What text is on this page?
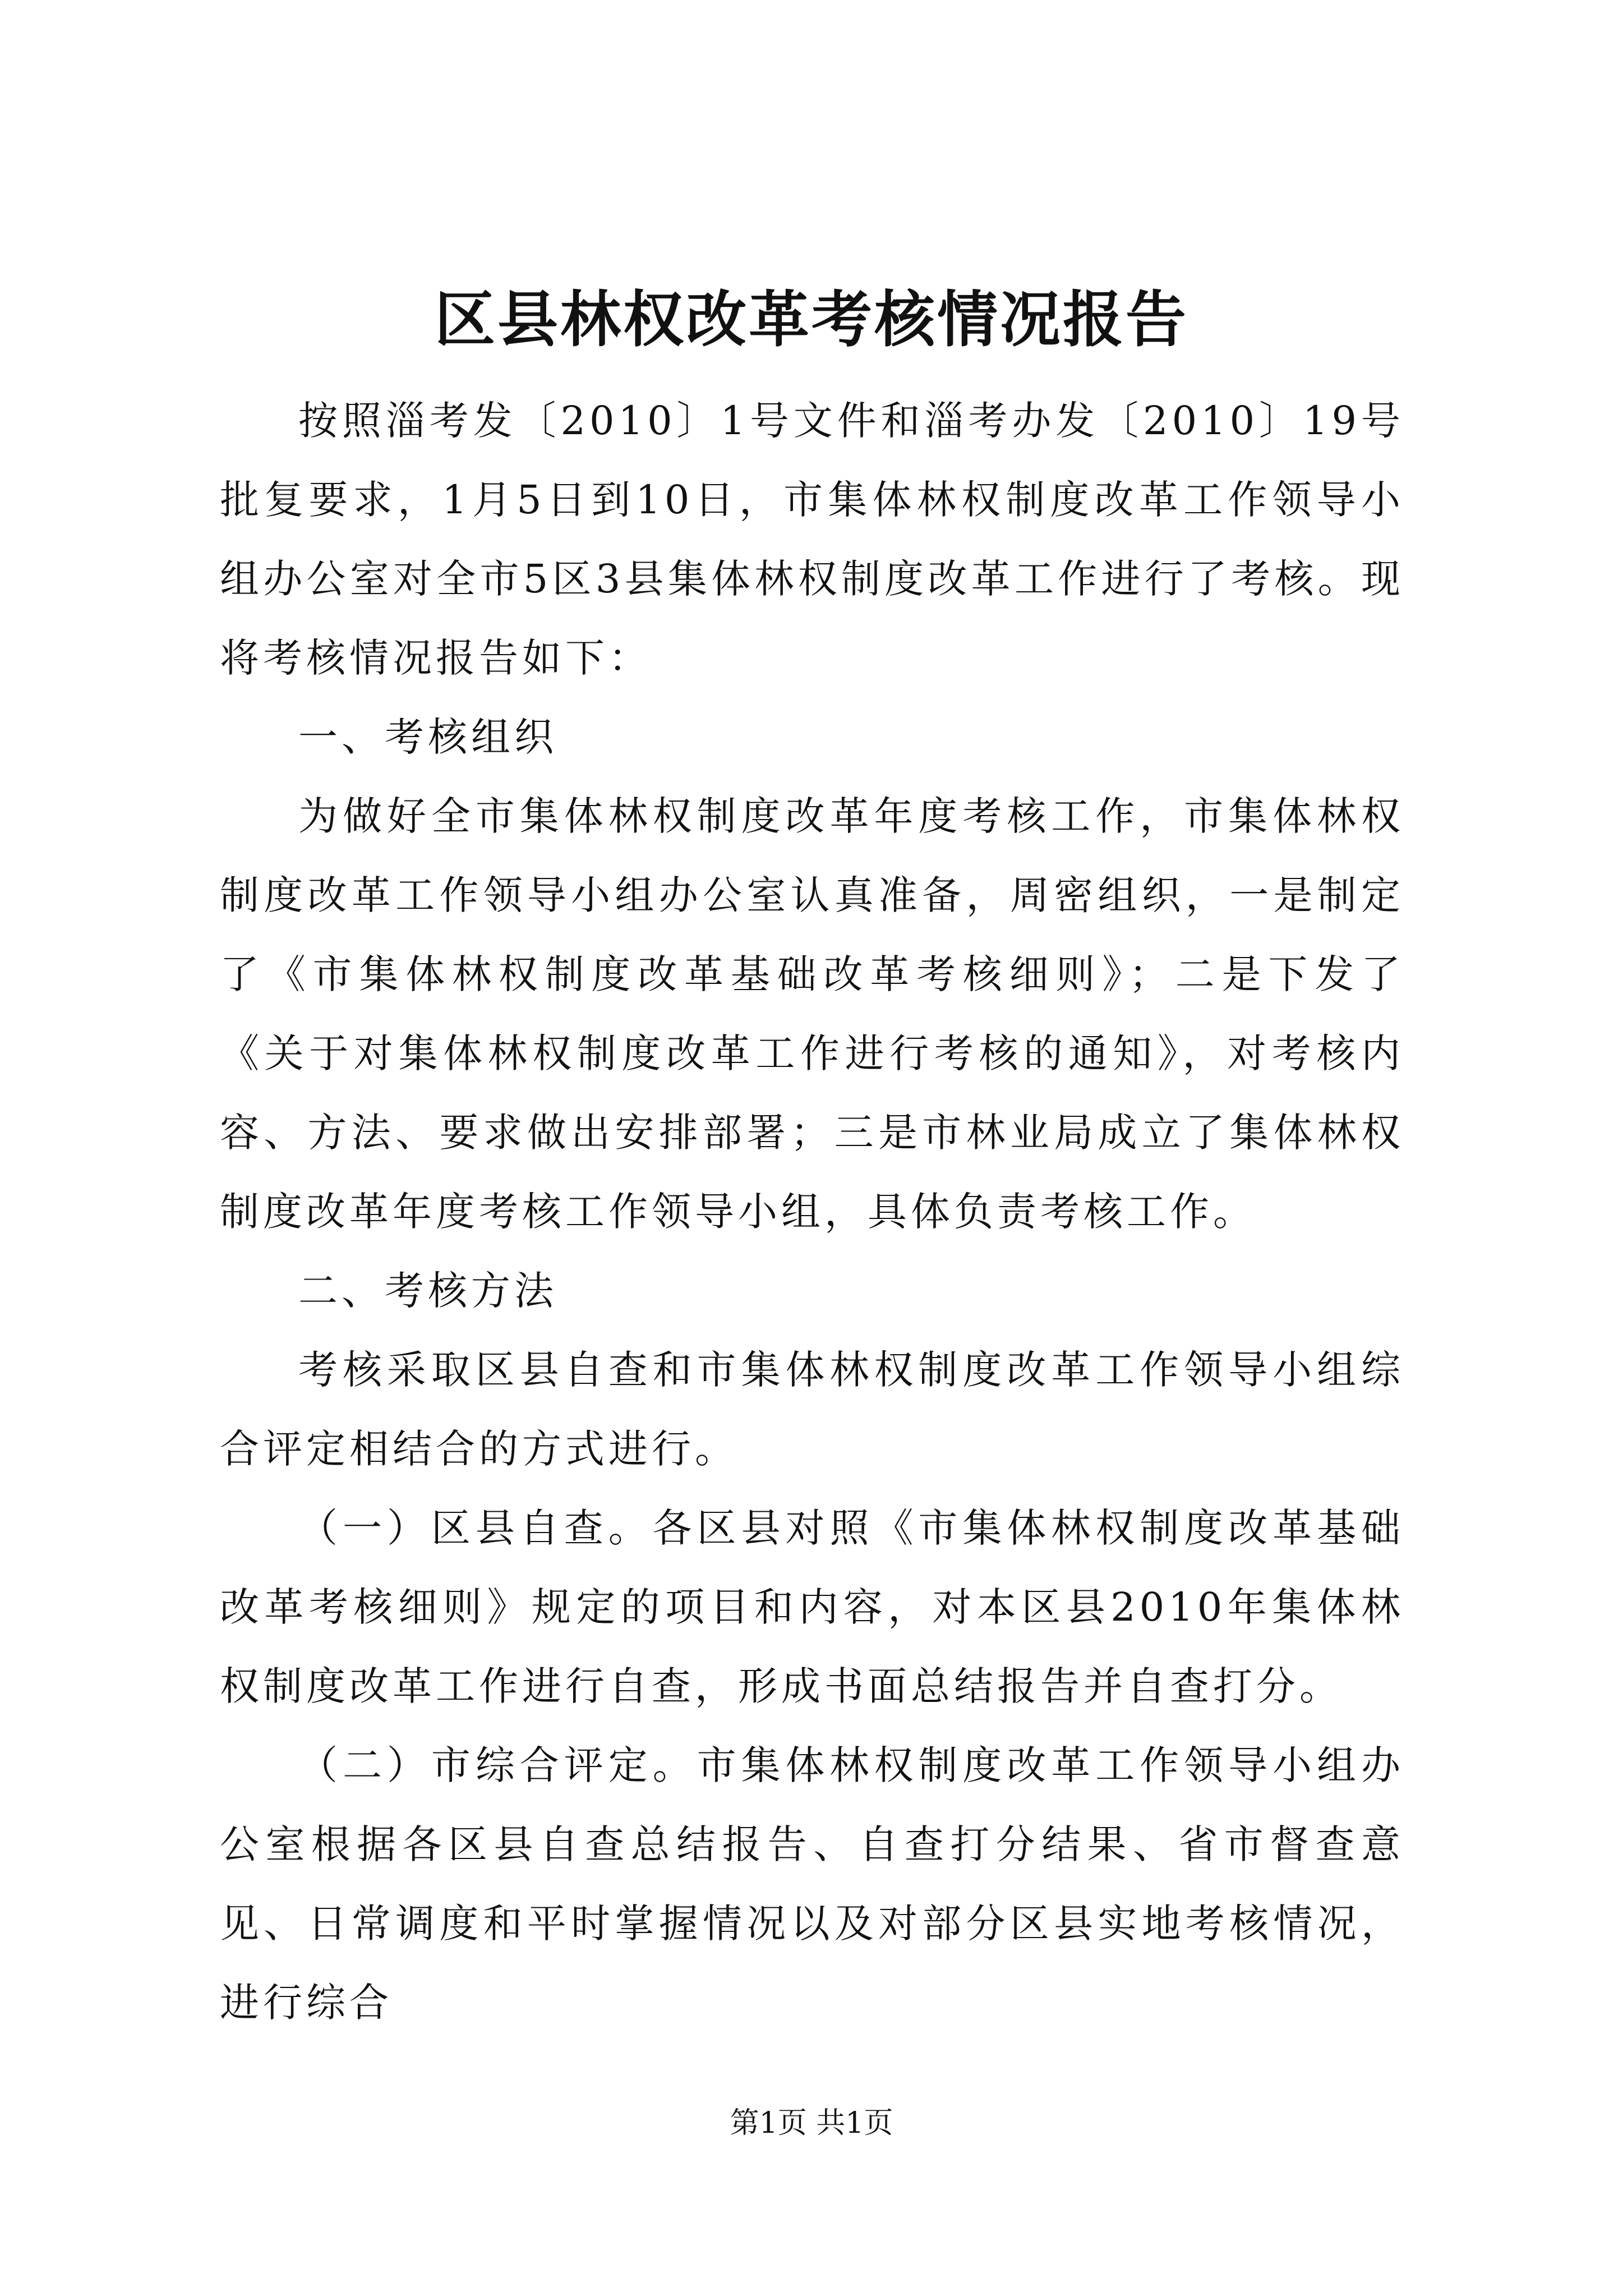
区县林权改革考核情况报告

按照淄考发〔2010〕1号文件和淄考办发〔2010〕19号批复要求，1月5日到10日，市集体林权制度改革工作领导小组办公室对全市5区3县集体林权制度改革工作进行了考核。现将考核情况报告如下：

一、考核组织

为做好全市集体林权制度改革年度考核工作，市集体林权制度改革工作领导小组办公室认真准备，周密组织，一是制定了《市集体林权制度改革基础改革考核细则》；二是下发了《关于对集体林权制度改革工作进行考核的通知》，对考核内容、方法、要求做出安排部署；三是市林业局成立了集体林权制度改革年度考核工作领导小组，具体负责考核工作。

二、考核方法

考核采取区县自查和市集体林权制度改革工作领导小组综合评定相结合的方式进行。

（一）区县自查。各区县对照《市集体林权制度改革基础改革考核细则》规定的项目和内容，对本区县2010年集体林权制度改革工作进行自查，形成书面总结报告并自查打分。

（二）市综合评定。市集体林权制度改革工作领导小组办公室根据各区县自查总结报告、自查打分结果、省市督查意见、日常调度和平时掌握情况以及对部分区县实地考核情况，进行综合

第1页 共1页
